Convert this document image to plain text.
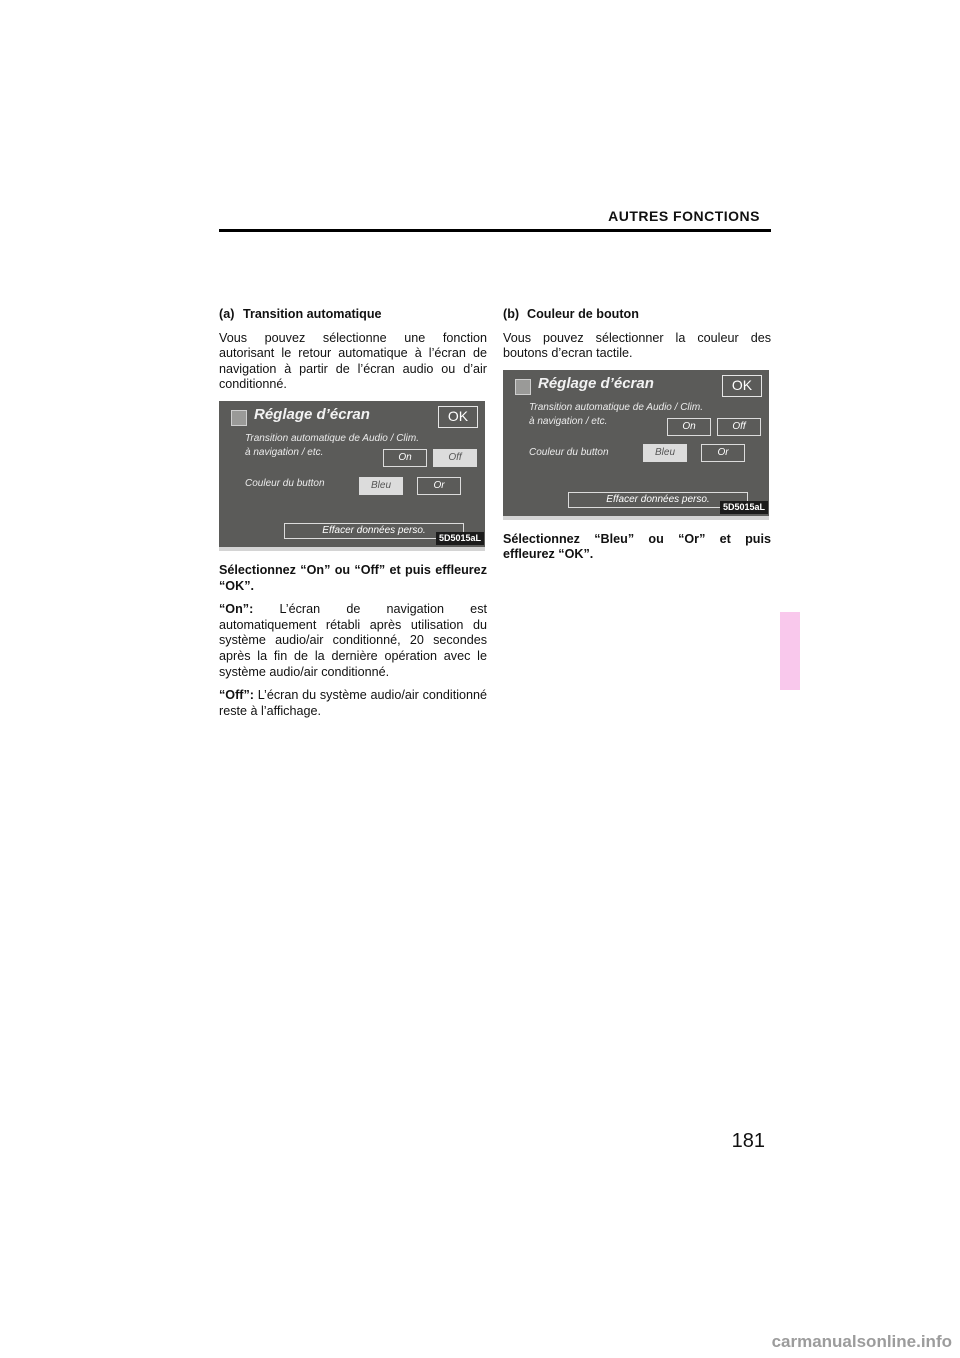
AUTRES FONCTIONS
(a) Transition automatique

Vous pouvez sélectionne une fonction autorisant le retour automatique à l’écran de navigation à partir de l’écran audio ou d’air conditionné.

Réglage d’écran	OK
Transition automatique de Audio / Clim.
à navigation / etc.	On	Off
Couleur du button	Bleu	Or
Effacer données perso.
5D5015aL

Sélectionnez “On” ou “Off” et puis effleurez “OK”.

“On”: L’écran de navigation est automatiquement rétabli après utilisation du système audio/air conditionné, 20 secondes après la fin de la dernière opération avec le système audio/air conditionné.

“Off”: L’écran du système audio/air conditionné reste à l’affichage.

(b) Couleur de bouton

Vous pouvez sélectionner la couleur des boutons d’ecran tactile.

Réglage d’écran	OK
Transition automatique de Audio / Clim.
à navigation / etc.	On	Off
Couleur du button	Bleu	Or
Effacer données perso.
5D5015aL

Sélectionnez “Bleu” ou “Or” et puis effleurez “OK”.

181
carmanualsonline.info
